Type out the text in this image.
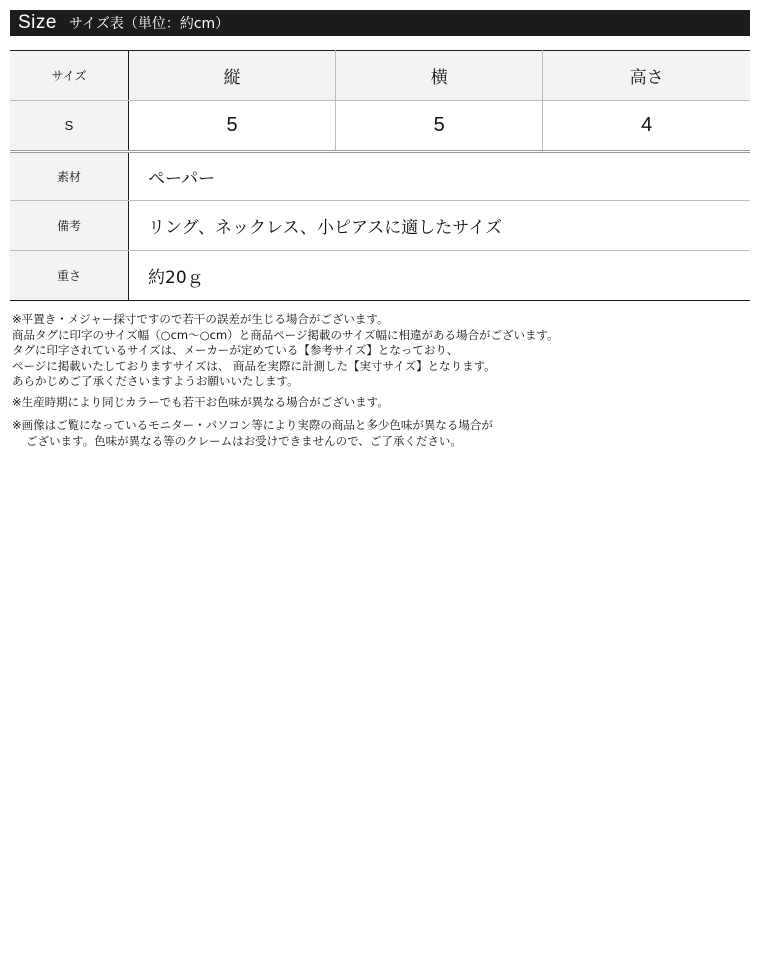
Size サイズ表（単位：約cm）
サイズ	縦	横	高さ
S	5	5	4
素材	ペーパー
備考	リング、ネックレス、小ピアスに適したサイズ
重さ	約20ｇ

※平置き・メジャー採寸ですので若干の誤差が生じる場合がございます。

商品タグに印字のサイズ幅（○cm〜○cm）と商品ページ掲載のサイズ幅に相違がある場合がございます。

タグに印字されているサイズは、メーカーが定めている【参考サイズ】となっており、

ページに掲載いたしておりますサイズは、 商品を実際に計測した【実寸サイズ】となります。

あらかじめご了承くださいますようお願いいたします。

※生産時期により同じカラーでも若干お色味が異なる場合がございます。

※画像はご覧になっているモニター・パソコン等により実際の商品と多少色味が異なる場合が

ございます。色味が異なる等のクレームはお受けできませんので、ご了承ください。
